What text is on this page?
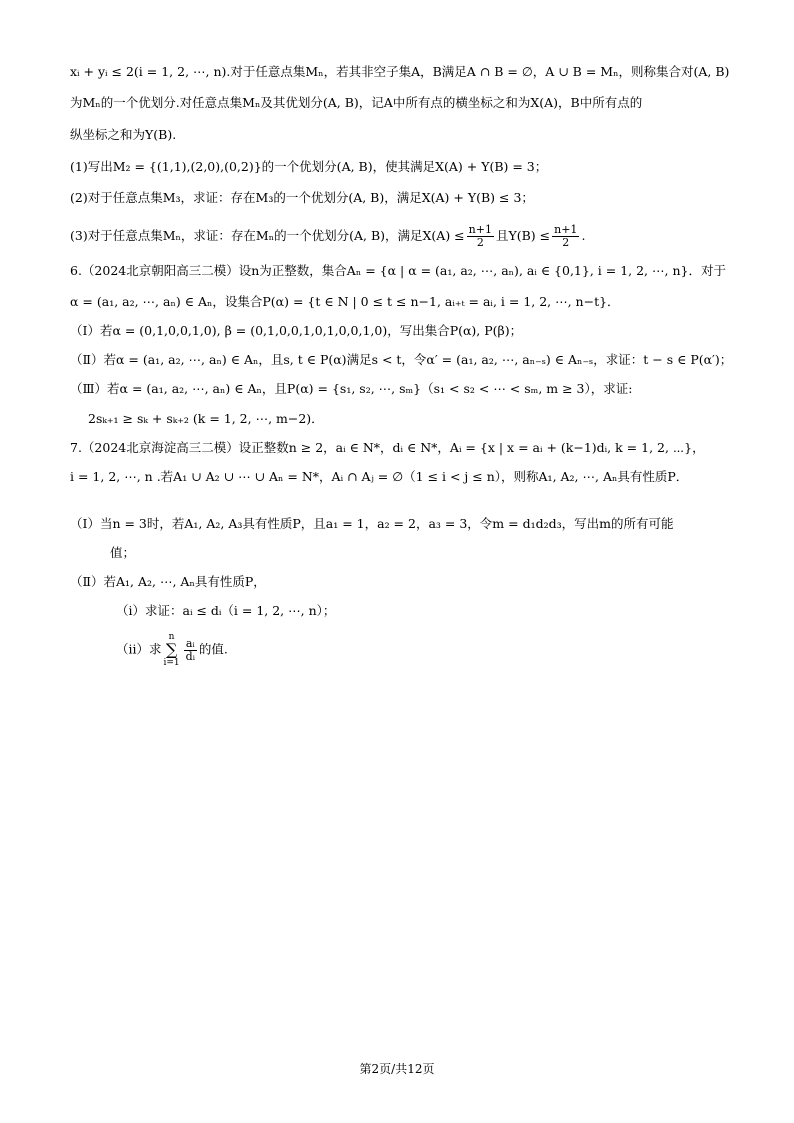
xᵢ + yᵢ ≤ 2(i = 1, 2, ⋯, n).对于任意点集Mₙ，若其非空子集A，B满足A ∩ B = ∅，A ∪ B = Mₙ，则称集合对(A, B)
为Mₙ的一个优划分.对任意点集Mₙ及其优划分(A, B)，记A中所有点的横坐标之和为X(A)，B中所有点的
纵坐标之和为Y(B).
(1)写出M₂ = {(1,1),(2,0),(0,2)}的一个优划分(A, B)，使其满足X(A) + Y(B) = 3；
(2)对于任意点集M₃，求证：存在M₃的一个优划分(A, B)，满足X(A) + Y(B) ≤ 3；
(3)对于任意点集Mₙ，求证：存在Mₙ的一个优划分(A, B)，满足$X(A) \le \frac{n+1}{2}$ 且$Y(B) \le \frac{n+1}{2}$ .
6.（2024北京朝阳高三二模）设n为正整数，集合Aₙ = {α | α = (a₁, a₂, ⋯, aₙ), aᵢ ∈ {0,1}, i = 1, 2, ⋯, n}．对于
α = (a₁, a₂, ⋯, aₙ) ∈ Aₙ，设集合P(α) = {t ∈ N | 0 ≤ t ≤ n−1, aᵢ₊ₜ = aᵢ, i = 1, 2, ⋯, n−t}．
（Ⅰ）若α = (0,1,0,0,1,0), β = (0,1,0,0,1,0,1,0,0,1,0)，写出集合P(α), P(β)；
（Ⅱ）若α = (a₁, a₂, ⋯, aₙ) ∈ Aₙ，且s, t ∈ P(α)满足s < t，令α′ = (a₁, a₂, ⋯, aₙ₋ₛ) ∈ Aₙ₋ₛ，求证：t − s ∈ P(α′)；
（Ⅲ）若α = (a₁, a₂, ⋯, aₙ) ∈ Aₙ，且P(α) = {s₁, s₂, ⋯, sₘ}（s₁ < s₂ < ⋯ < sₘ, m ≥ 3），求证:
2sₖ₊₁ ≥ sₖ + sₖ₊₂ (k = 1, 2, ⋯, m−2)．
7.（2024北京海淀高三二模）设正整数n ≥ 2，aᵢ ∈ N*，dᵢ ∈ N*，Aᵢ = {x | x = aᵢ + (k−1)dᵢ, k = 1, 2, ⋯}，
i = 1, 2, ⋯, n .若A₁ ∪ A₂ ∪ ⋯ ∪ Aₙ = N*，Aᵢ ∩ Aⱼ = ∅（1 ≤ i < j ≤ n），则称A₁, A₂, ⋯, Aₙ具有性质P．
（Ⅰ）当n = 3时，若A₁, A₂, A₃具有性质P，且a₁ = 1，a₂ = 2，a₃ = 3，令m = d₁d₂d₃，写出m的所有可能
值；
（Ⅱ）若A₁, A₂, ⋯, Aₙ具有性质P，
（ⅰ）求证：aᵢ ≤ dᵢ（i = 1, 2, ⋯, n）；
（ⅱ）求n
∑
i=1
$\frac{\text{aᵢ}}{\text{dᵢ}}$ 的值.
第2页/共12页
